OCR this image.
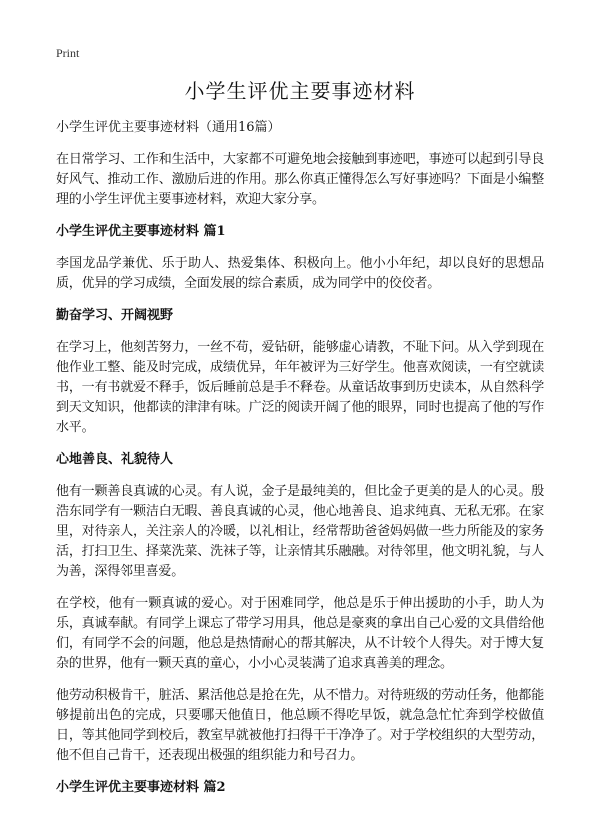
Print
小学生评优主要事迹材料

小学生评优主要事迹材料（通用16篇）

在日常学习、工作和生活中，大家都不可避免地会接触到事迹吧，事迹可以起到引导良好风气、推动工作、激励后进的作用。那么你真正懂得怎么写好事迹吗？下面是小编整理的小学生评优主要事迹材料，欢迎大家分享。

小学生评优主要事迹材料 篇1

李国龙品学兼优、乐于助人、热爱集体、积极向上。他小小年纪，却以良好的思想品质，优异的学习成绩，全面发展的综合素质，成为同学中的佼佼者。

勤奋学习、开阔视野

在学习上，他刻苦努力，一丝不苟，爱钻研，能够虚心请教，不耻下问。从入学到现在他作业工整、能及时完成，成绩优异，年年被评为三好学生。他喜欢阅读，一有空就读书，一有书就爱不释手，饭后睡前总是手不释卷。从童话故事到历史读本，从自然科学到天文知识，他都读的津津有味。广泛的阅读开阔了他的眼界，同时也提高了他的写作水平。

心地善良、礼貌待人

他有一颗善良真诚的心灵。有人说，金子是最纯美的，但比金子更美的是人的心灵。殷浩东同学有一颗洁白无暇、善良真诚的心灵，他心地善良、追求纯真、无私无邪。在家里，对待亲人，关注亲人的冷暖，以礼相让，经常帮助爸爸妈妈做一些力所能及的家务活，打扫卫生、择菜洗菜、洗袜子等，让亲情其乐融融。对待邻里，他文明礼貌，与人为善，深得邻里喜爱。

在学校，他有一颗真诚的爱心。对于困难同学，他总是乐于伸出援助的小手，助人为乐，真诚奉献。有同学上课忘了带学习用具，他总是豪爽的拿出自己心爱的文具借给他们，有同学不会的问题，他总是热情耐心的帮其解决，从不计较个人得失。对于博大复杂的世界，他有一颗天真的童心，小小心灵装满了追求真善美的理念。

他劳动积极肯干，脏活、累活他总是抢在先，从不惜力。对待班级的劳动任务，他都能够提前出色的完成，只要哪天他值日，他总顾不得吃早饭，就急急忙忙奔到学校做值日，等其他同学到校后，教室早就被他打扫得干干净净了。对于学校组织的大型劳动，他不但自己肯干，还表现出极强的组织能力和号召力。

小学生评优主要事迹材料 篇2
